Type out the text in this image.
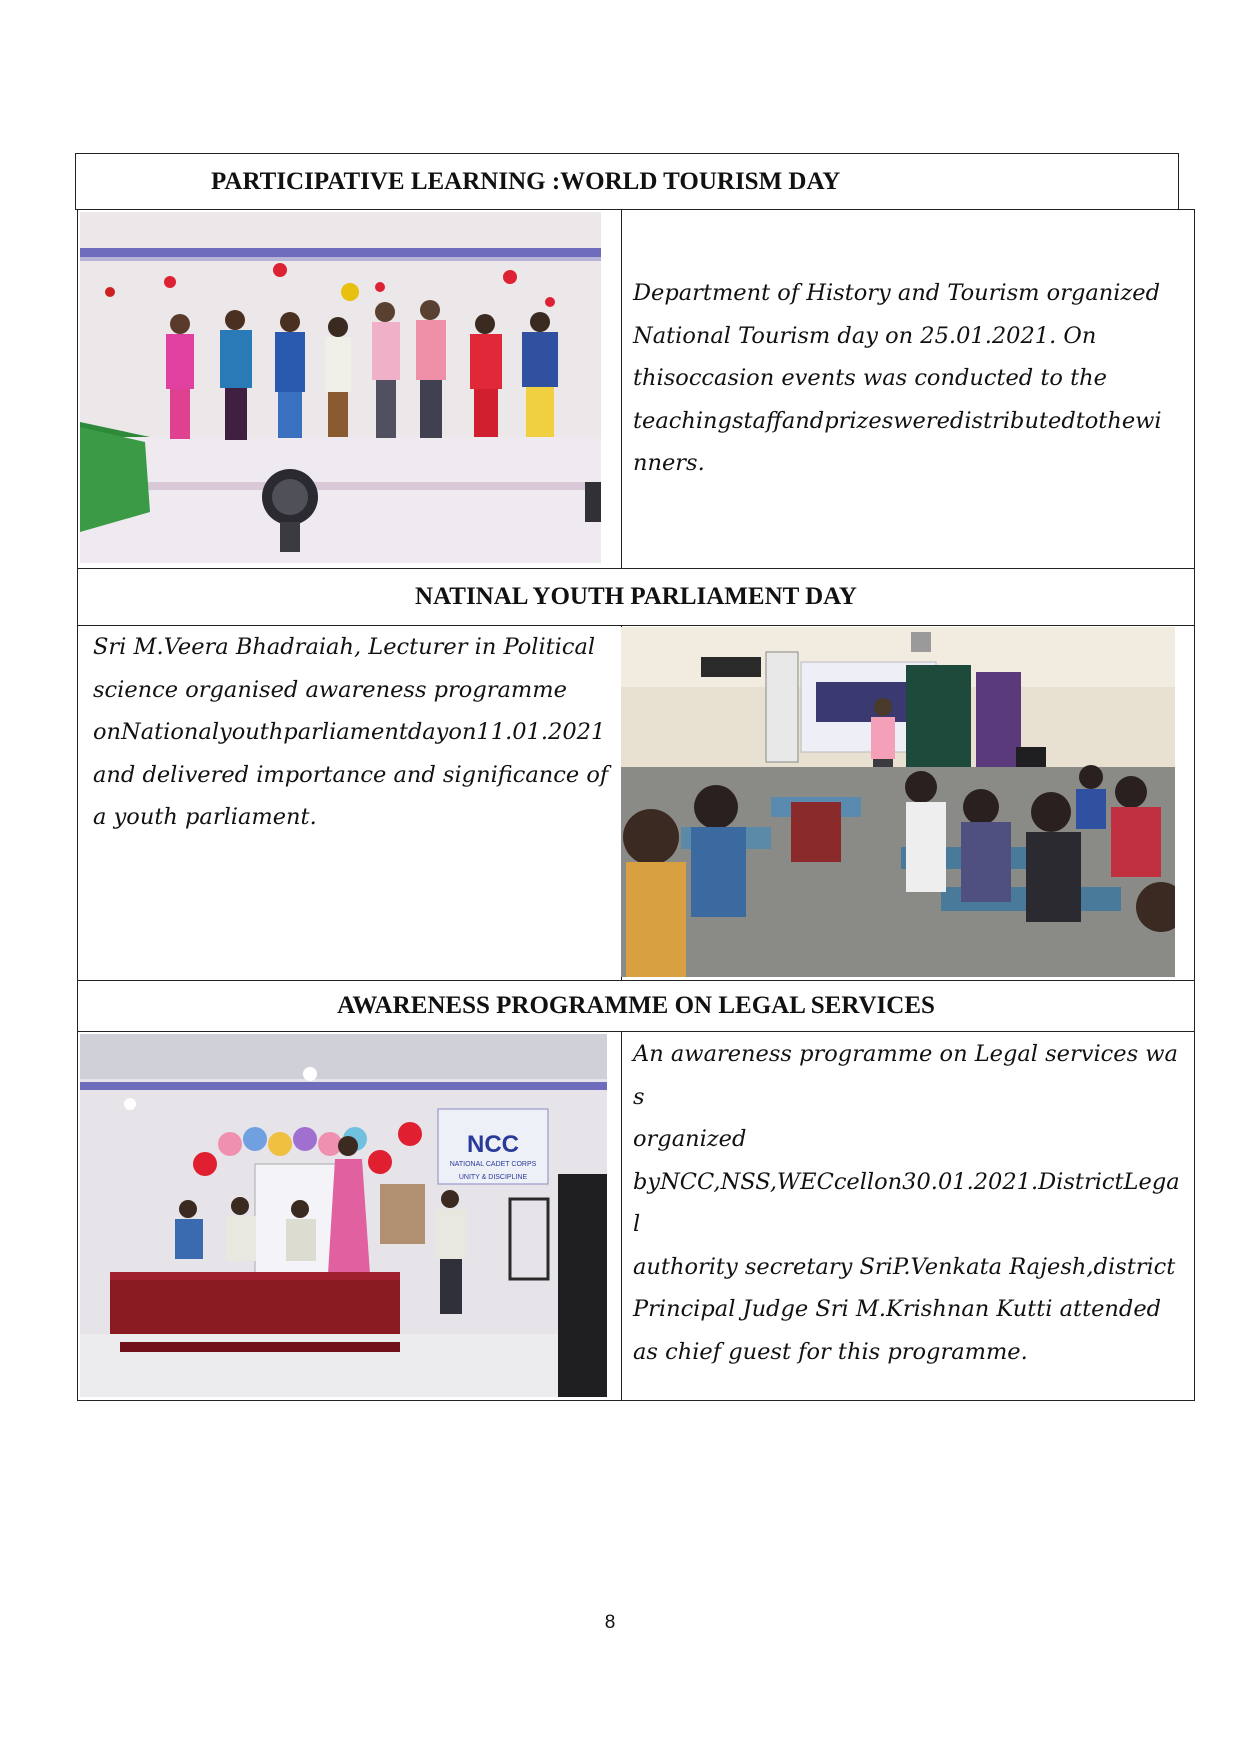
PARTICIPATIVE LEARNING :WORLD TOURISM DAY
Department of History and Tourism organized
National Tourism day on 25.01.2021. On
thisoccasion events was conducted to the
teachingstaffandprizesweredistributedtothewi
nners.
NATINAL YOUTH PARLIAMENT DAY
Sri M.Veera Bhadraiah, Lecturer in Political
science organised awareness programme
onNationalyouthparliamentdayon11.01.2021
and delivered importance and significance of
a youth parliament.
AWARENESS PROGRAMME ON LEGAL SERVICES
NCC
NATIONAL CADET CORPS
UNITY & DISCIPLINE
An awareness programme on Legal services was
organized
byNCC,NSS,WECcellon30.01.2021.DistrictLegal
authority secretary SriP.Venkata Rajesh,district
Principal Judge Sri M.Krishnan Kutti attended
as chief guest for this programme.
8
